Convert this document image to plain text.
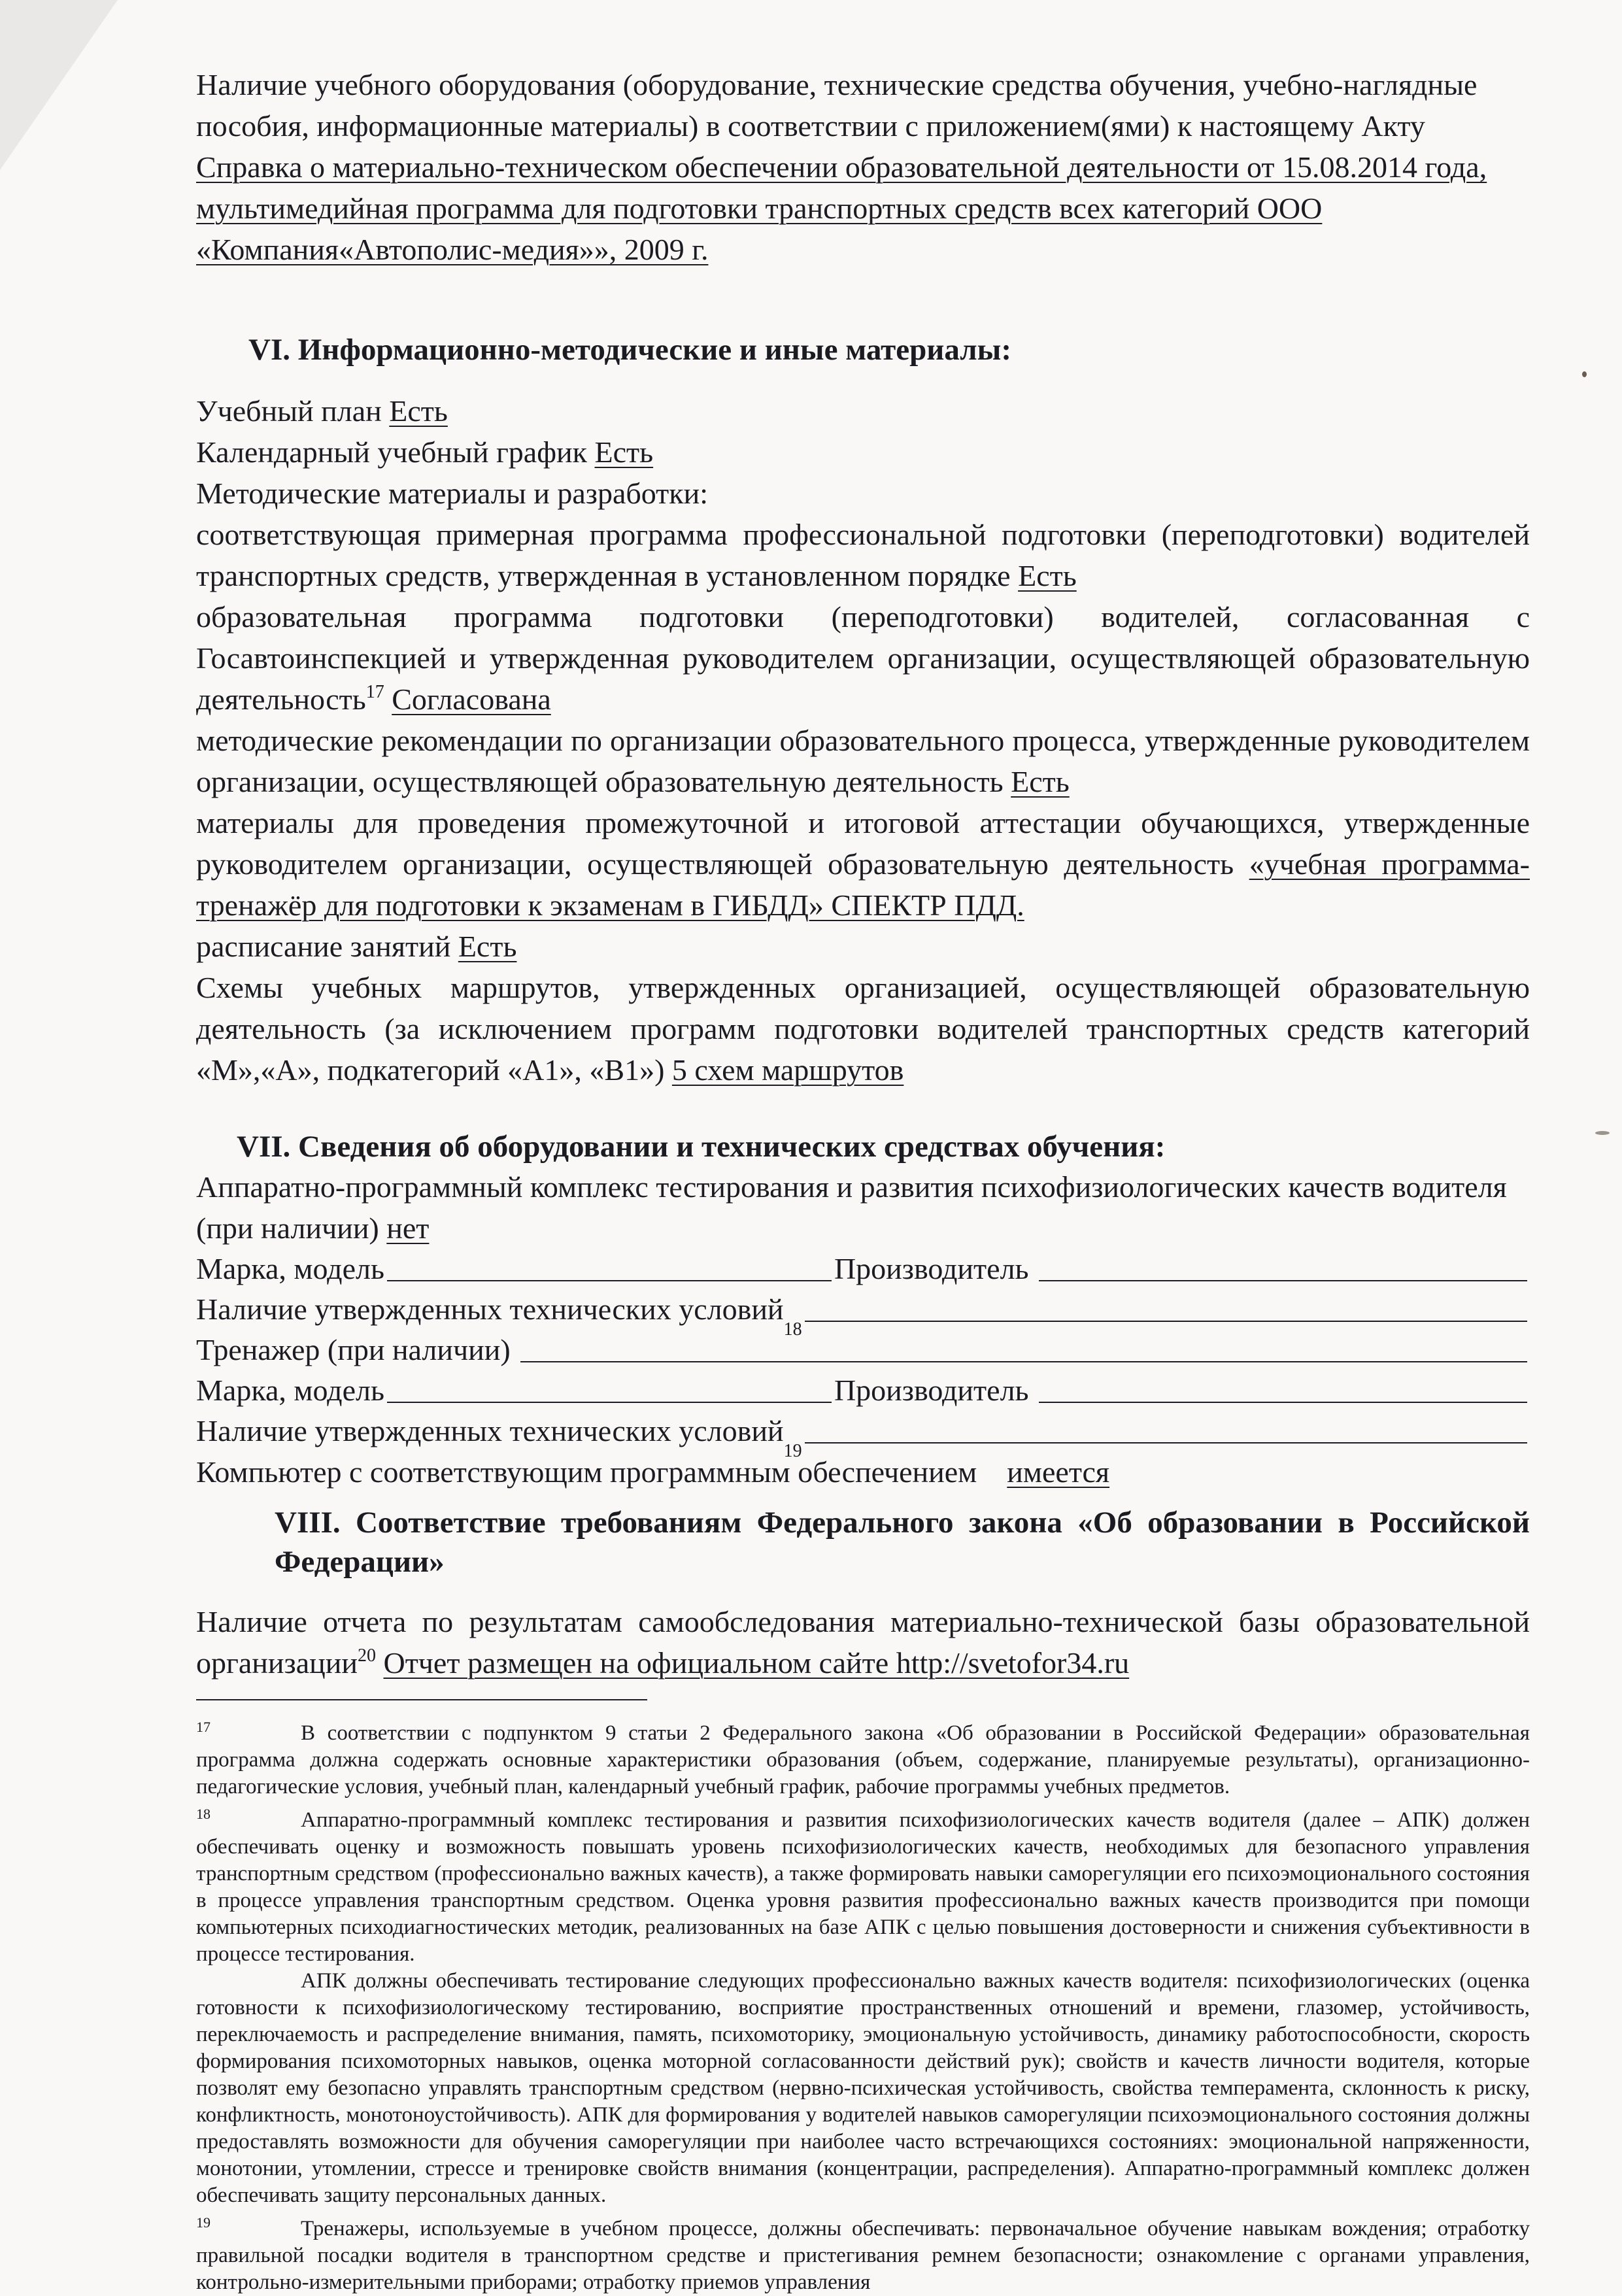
Наличие учебного оборудования (оборудование, технические средства обучения, учебно-наглядные пособия, информационные материалы) в соответствии с приложением(ями) к настоящему Акту Справка о материально-техническом обеспечении образовательной деятельности от 15.08.2014 года, мультимедийная программа для подготовки транспортных средств всех категорий ООО «Компания«Автополис-медия»», 2009 г.

VI. Информационно-методические и иные материалы:

Учебный план Есть

Календарный учебный график Есть

Методические материалы и разработки:

соответствующая примерная программа профессиональной подготовки (переподготовки) водителей транспортных средств, утвержденная в установленном порядке Есть

образовательная программа подготовки (переподготовки) водителей, согласованная с Госавтоинспекцией и утвержденная руководителем организации, осуществляющей образовательную деятельность$^{17}$ Согласована

методические рекомендации по организации образовательного процесса, утвержденные руководителем организации, осуществляющей образовательную деятельность Есть

материалы для проведения промежуточной и итоговой аттестации обучающихся, утвержденные руководителем организации, осуществляющей образовательную деятельность «учебная программа-тренажёр для подготовки к экзаменам в ГИБДД» СПЕКТР ПДД.

расписание занятий Есть

Схемы учебных маршрутов, утвержденных организацией, осуществляющей образовательную деятельность (за исключением программ подготовки водителей транспортных средств категорий «M»,«A», подкатегорий «A1», «B1») 5 схем маршрутов

VII. Сведения об оборудовании и технических средствах обучения:

Аппаратно-программный комплекс тестирования и развития психофизиологических качеств водителя (при наличии) нет

Марка, модель	Производитель
Наличие утвержденных технических условий
18
Тренажер (при наличии)
Марка, модель	Производитель
Наличие утвержденных технических условий
19

Компьютер с соответствующим программным обеспечением    имеется

VIII. Соответствие требованиям Федерального закона «Об образовании в Российской Федерации»

Наличие отчета по результатам самообследования материально-технической базы образовательной организации$^{20}$ Отчет размещен на официальном сайте http://svetofor34.ru

17	В соответствии с подпунктом 9 статьи 2 Федерального закона «Об образовании в Российской Федерации» образовательная программа должна содержать основные характеристики образования (объем, содержание, планируемые результаты), организационно-педагогические условия, учебный план, календарный учебный график, рабочие программы учебных предметов.

18	Аппаратно-программный комплекс тестирования и развития психофизиологических качеств водителя (далее – АПК) должен обеспечивать оценку и возможность повышать уровень психофизиологических качеств, необходимых для безопасного управления транспортным средством (профессионально важных качеств), а также формировать навыки саморегуляции его психоэмоционального состояния в процессе управления транспортным средством. Оценка уровня развития профессионально важных качеств производится при помощи компьютерных психодиагностических методик, реализованных на базе АПК с целью повышения достоверности и снижения субъективности в процессе тестирования.

АПК должны обеспечивать тестирование следующих профессионально важных качеств водителя: психофизиологических (оценка готовности к психофизиологическому тестированию, восприятие пространственных отношений и времени, глазомер, устойчивость, переключаемость и распределение внимания, память, психомоторику, эмоциональную устойчивость, динамику работоспособности, скорость формирования психомоторных навыков, оценка моторной согласованности действий рук); свойств и качеств личности водителя, которые позволят ему безопасно управлять транспортным средством (нервно-психическая устойчивость, свойства темперамента, склонность к риску, конфликтность, монотоноустойчивость). АПК для формирования у водителей навыков саморегуляции психоэмоционального состояния должны предоставлять возможности для обучения саморегуляции при наиболее часто встречающихся состояниях: эмоциональной напряженности, монотонии, утомлении, стрессе и тренировке свойств внимания (концентрации, распределения). Аппаратно-программный комплекс должен обеспечивать защиту персональных данных.

19	Тренажеры, используемые в учебном процессе, должны обеспечивать: первоначальное обучение навыкам вождения; отработку правильной посадки водителя в транспортном средстве и пристегивания ремнем безопасности; ознакомление с органами управления, контрольно-измерительными приборами; отработку приемов управления
